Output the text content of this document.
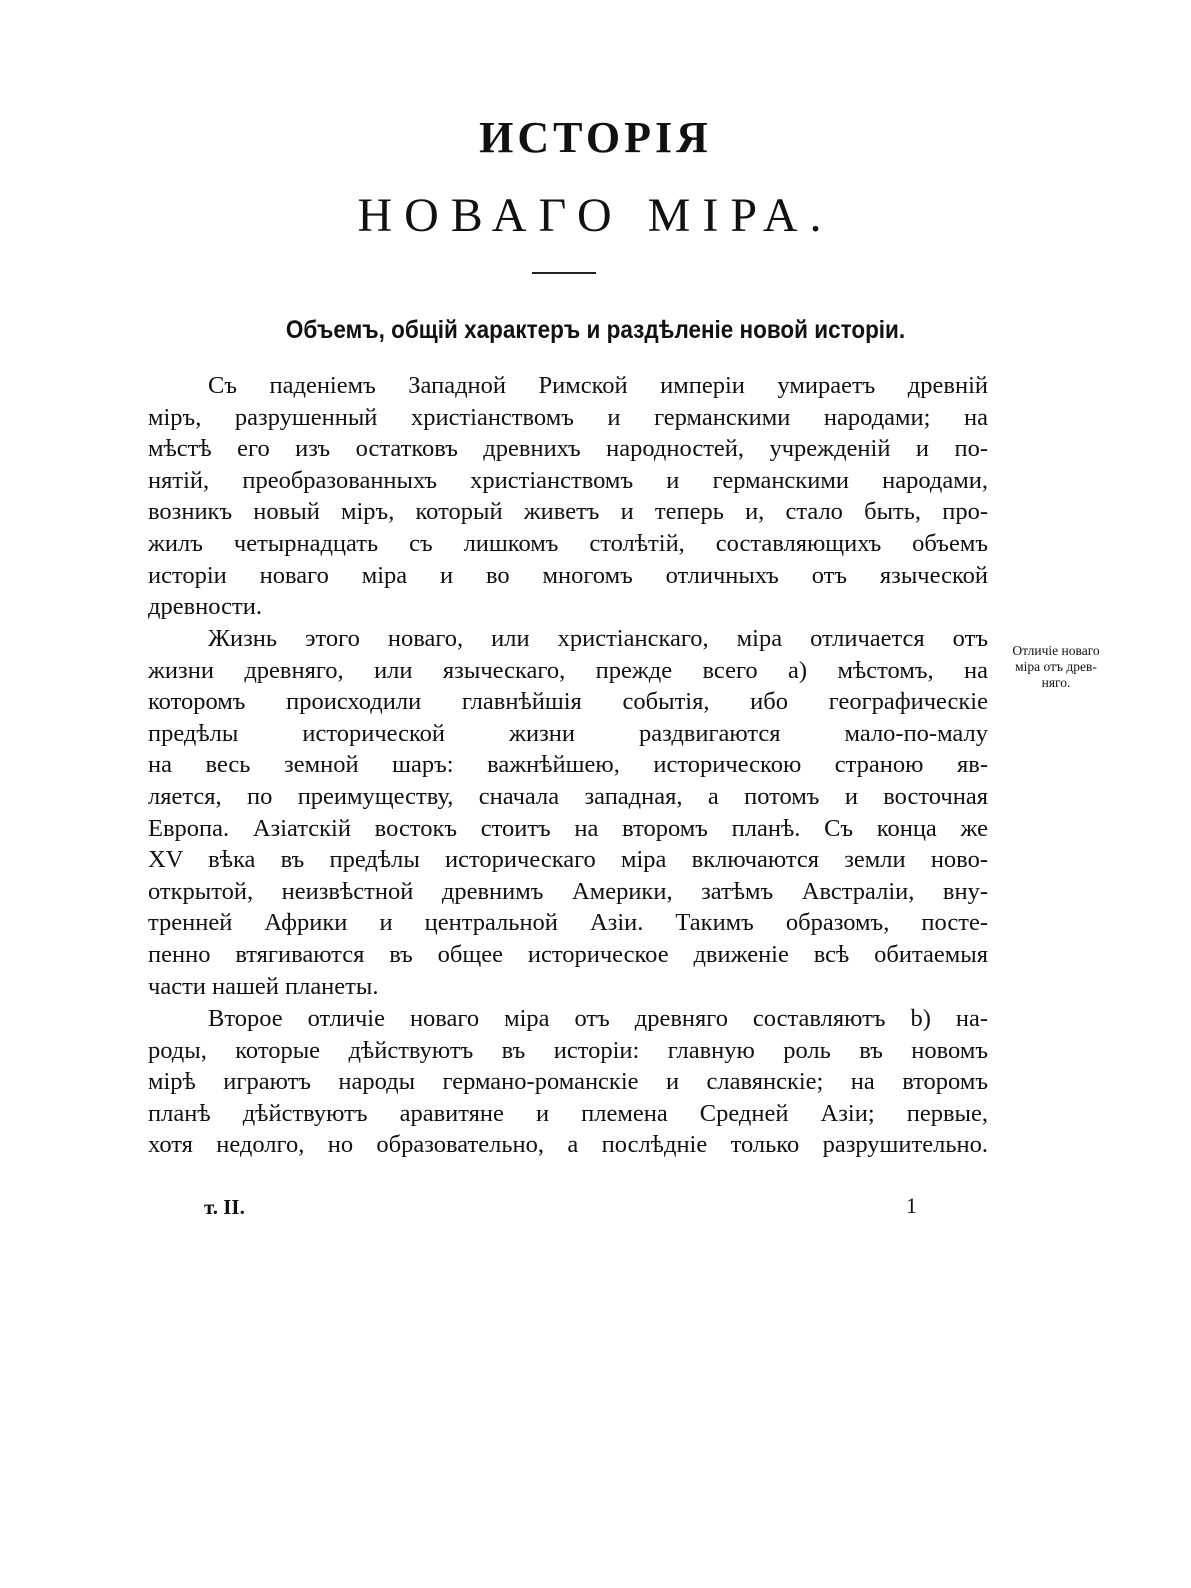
ИСТОРІЯ
НОВАГО МІРА.
Объемъ, общій характеръ и раздѣленіе новой исторіи.
Съ паденіемъ Западной Римской имперіи умираетъ древній
міръ, разрушенный христіанствомъ и германскими народами; на
мѣстѣ его изъ остатковъ древнихъ народностей, учрежденій и по-
нятій, преобразованныхъ христіанствомъ и германскими народами,
возникъ новый міръ, который живетъ и теперь и, стало быть, про-
жилъ четырнадцать съ лишкомъ столѣтій, составляющихъ объемъ
исторіи новаго міра и во многомъ отличныхъ отъ языческой
древности.
Жизнь этого новаго, или христіанскаго, міра отличается отъ
жизни древняго, или языческаго, прежде всего a) мѣстомъ, на
которомъ происходили главнѣйшія событія, ибо географическіе
предѣлы исторической жизни раздвигаются мало-по-малу
на весь земной шаръ: важнѣйшею, историческою страною яв-
ляется, по преимуществу, сначала западная, а потомъ и восточная
Европа. Азіатскій востокъ стоитъ на второмъ планѣ. Съ конца же
XV вѣка въ предѣлы историческаго міра включаются земли ново-
открытой, неизвѣстной древнимъ Америки, затѣмъ Австраліи, вну-
тренней Африки и центральной Азіи. Такимъ образомъ, посте-
пенно втягиваются въ общее историческое движеніе всѣ обитаемыя
части нашей планеты.
Второе отличіе новаго міра отъ древняго составляютъ b) на-
роды, которые дѣйствуютъ въ исторіи: главную роль въ новомъ
мірѣ играютъ народы германо-романскіе и славянскіе; на второмъ
планѣ дѣйствуютъ аравитяне и племена Средней Азіи; первые,
хотя недолго, но образовательно, а послѣдніе только разрушительно.
Отличіе новаго
міра отъ древ-
няго.
т. II.	1
